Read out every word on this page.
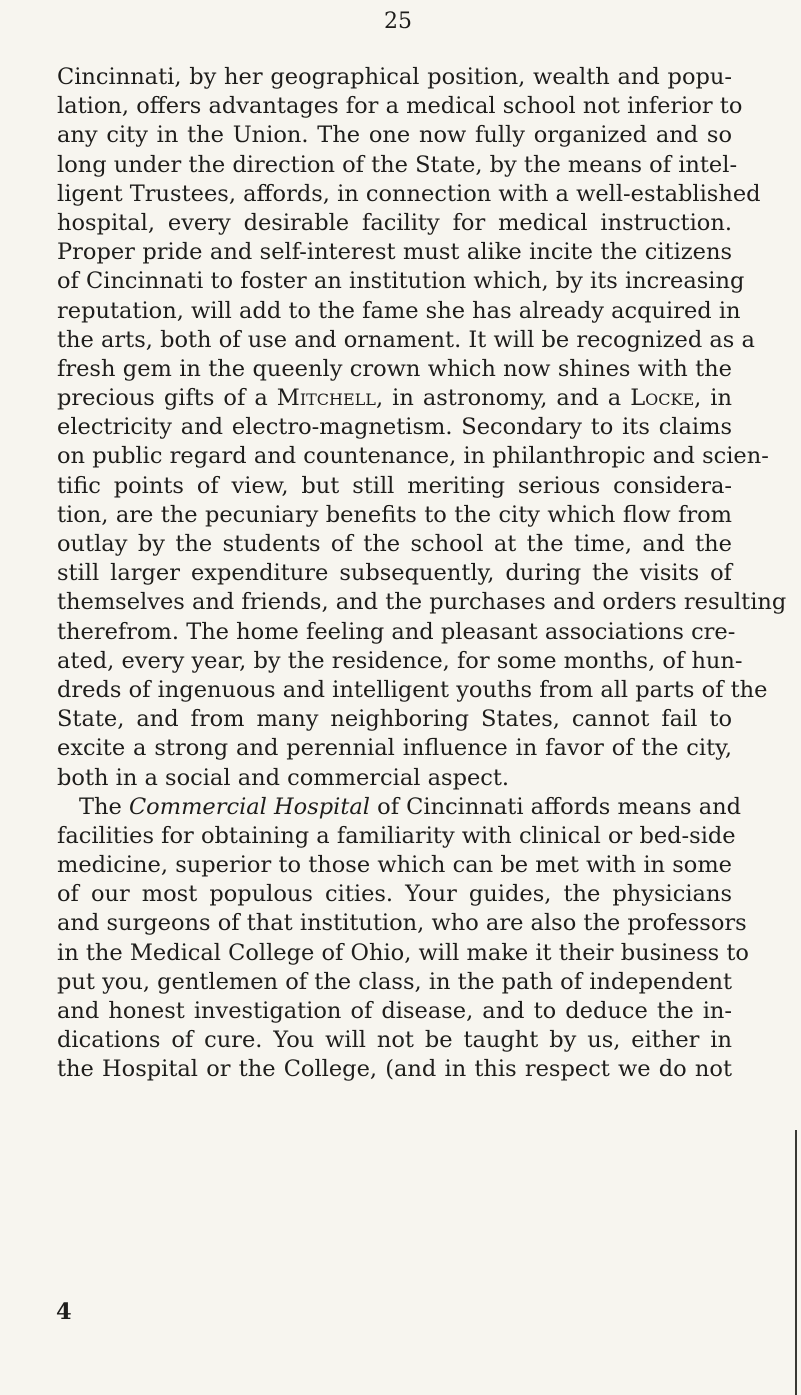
25
Cincinnati, by her geographical position, wealth and popu-
lation, offers advantages for a medical school not inferior to
any city in the Union. The one now fully organized and so
long under the direction of the State, by the means of intel-
ligent Trustees, affords, in connection with a well-established
hospital, every desirable facility for medical instruction.
Proper pride and self-interest must alike incite the citizens
of Cincinnati to foster an institution which, by its increasing
reputation, will add to the fame she has already acquired in
the arts, both of use and ornament. It will be recognized as a
fresh gem in the queenly crown which now shines with the
precious gifts of a Mitchell, in astronomy, and a Locke, in
electricity and electro-magnetism. Secondary to its claims
on public regard and countenance, in philanthropic and scien-
tific points of view, but still meriting serious considera-
tion, are the pecuniary benefits to the city which flow from
outlay by the students of the school at the time, and the
still larger expenditure subsequently, during the visits of
themselves and friends, and the purchases and orders resulting
therefrom. The home feeling and pleasant associations cre-
ated, every year, by the residence, for some months, of hun-
dreds of ingenuous and intelligent youths from all parts of the
State, and from many neighboring States, cannot fail to
excite a strong and perennial influence in favor of the city,
both in a social and commercial aspect.
The Commercial Hospital of Cincinnati affords means and
facilities for obtaining a familiarity with clinical or bed-side
medicine, superior to those which can be met with in some
of our most populous cities. Your guides, the physicians
and surgeons of that institution, who are also the professors
in the Medical College of Ohio, will make it their business to
put you, gentlemen of the class, in the path of independent
and honest investigation of disease, and to deduce the in-
dications of cure. You will not be taught by us, either in
the Hospital or the College, (and in this respect we do not
4
